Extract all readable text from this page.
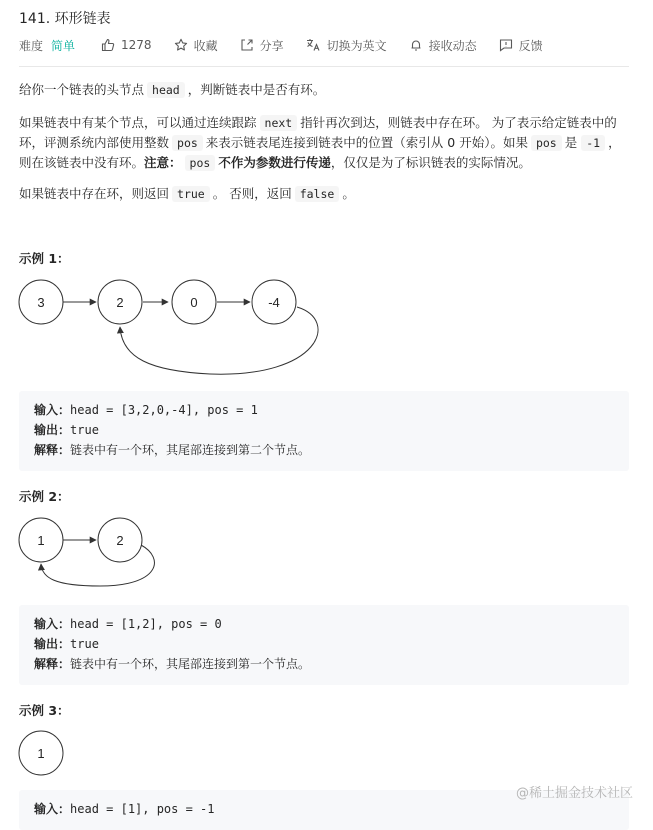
141. 环形链表
难度 简单	1278	收藏	分享	切换为英文	接收动态	反馈
给你一个链表的头节点 head ，判断链表中是否有环。
如果链表中有某个节点，可以通过连续跟踪 next 指针再次到达，则链表中存在环。 为了表示给定链表中的环，评测系统内部使用整数 pos 来表示链表尾连接到链表中的位置（索引从 0 开始）。如果 pos 是 -1 ，则在该链表中没有环。注意： pos 不作为参数进行传递，仅仅是为了标识链表的实际情况。
如果链表中存在环，则返回 true 。 否则，返回 false 。
示例 1：
3	2	0	-4
输入：head = [3,2,0,-4], pos = 1
输出：true
解释：链表中有一个环，其尾部连接到第二个节点。
示例 2：
1	2
输入：head = [1,2], pos = 0
输出：true
解释：链表中有一个环，其尾部连接到第一个节点。
示例 3：
1
输入：head = [1], pos = -1
@稀土掘金技术社区
